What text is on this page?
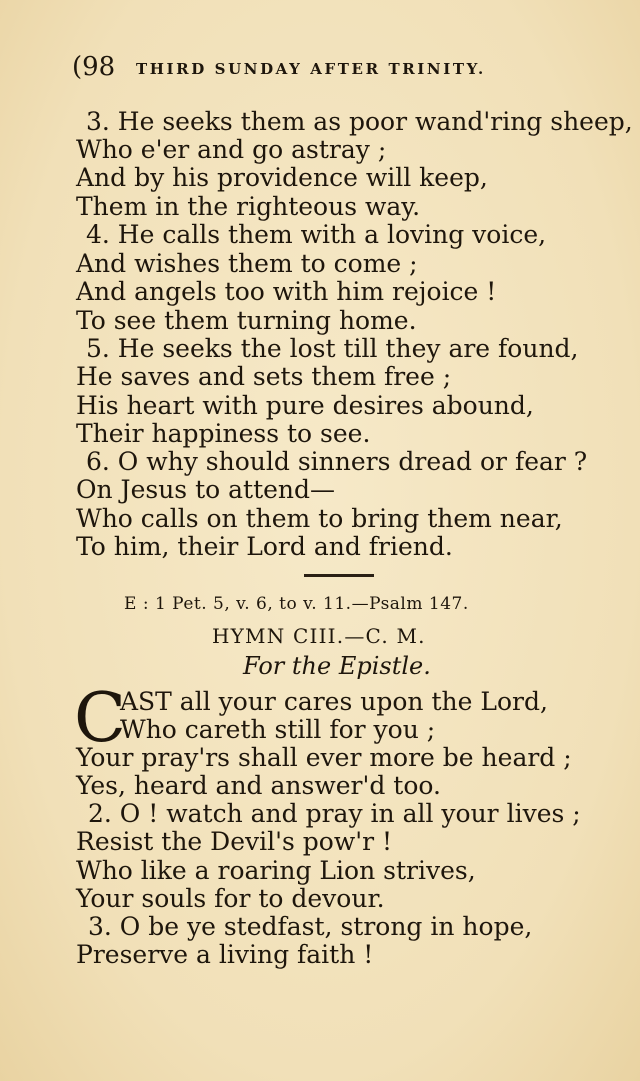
(98 THIRD SUNDAY AFTER TRINITY.
3. He seeks them as poor wand'ring sheep,
Who e'er and go astray ;
And by his providence will keep,
Them in the righteous way.
4. He calls them with a loving voice,
And wishes them to come ;
And angels too with him rejoice !
To see them turning home.
5. He seeks the lost till they are found,
He saves and sets them free ;
His heart with pure desires abound,
Their happiness to see.
6. O why should sinners dread or fear ?
On Jesus to attend—
Who calls on them to bring them near,
To him, their Lord and friend.
E : 1 Pet. 5, v. 6, to v. 11.—Psalm 147.
HYMN CIII.—C. M.
For the Epistle.
C
AST all your cares upon the Lord,
Who careth still for you ;
Your pray'rs shall ever more be heard ;
Yes, heard and answer'd too.
2. O ! watch and pray in all your lives ;
Resist the Devil's pow'r !
Who like a roaring Lion strives,
Your souls for to devour.
3. O be ye stedfast, strong in hope,
Preserve a living faith !
